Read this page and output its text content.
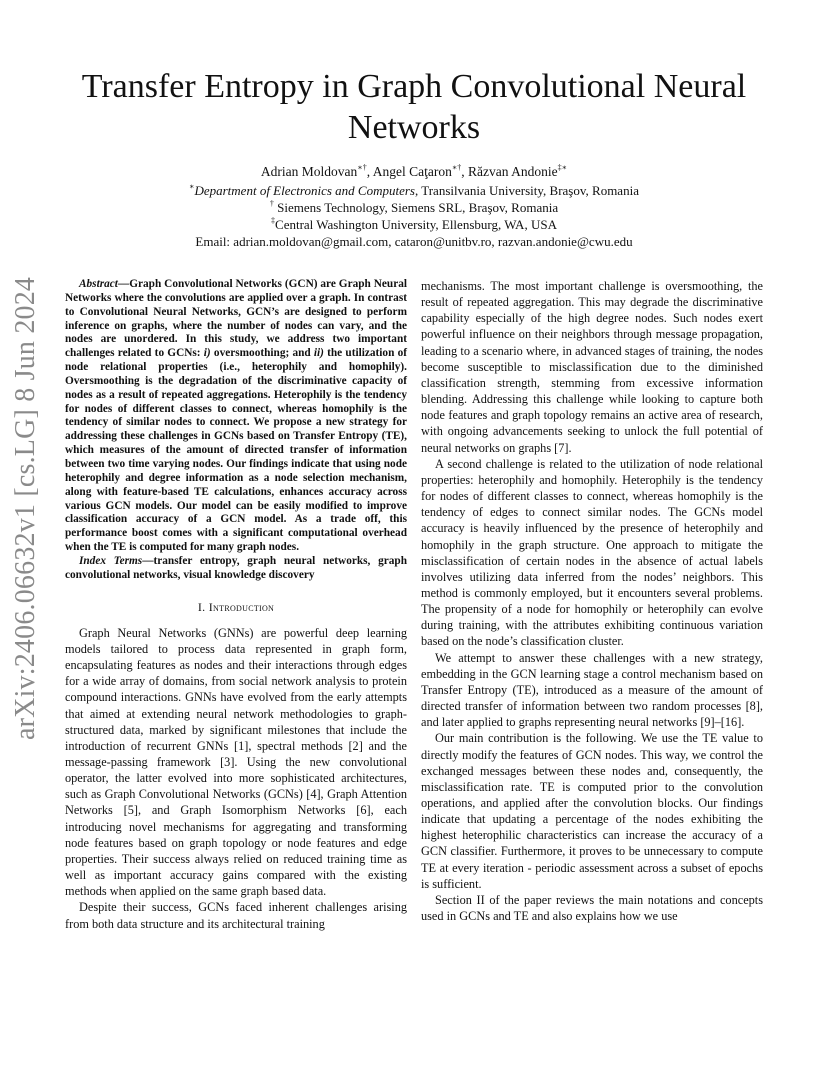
arXiv:2406.06632v1 [cs.LG] 8 Jun 2024
Transfer Entropy in Graph Convolutional Neural Networks
Adrian Moldovan∗†, Angel Caţaron∗†, Răzvan Andonie‡∗
∗Department of Electronics and Computers, Transilvania University, Braşov, Romania
† Siemens Technology, Siemens SRL, Braşov, Romania
‡Central Washington University, Ellensburg, WA, USA
Email: adrian.moldovan@gmail.com, cataron@unitbv.ro, razvan.andonie@cwu.edu

Abstract—Graph Convolutional Networks (GCN) are Graph Neural Networks where the convolutions are applied over a graph. In contrast to Convolutional Neural Networks, GCN’s are designed to perform inference on graphs, where the number of nodes can vary, and the nodes are unordered. In this study, we address two important challenges related to GCNs: i) oversmoothing; and ii) the utilization of node relational properties (i.e., heterophily and homophily). Oversmoothing is the degradation of the discriminative capacity of nodes as a result of repeated aggregations. Heterophily is the tendency for nodes of different classes to connect, whereas homophily is the tendency of similar nodes to connect. We propose a new strategy for addressing these challenges in GCNs based on Transfer Entropy (TE), which measures of the amount of directed transfer of information between two time varying nodes. Our findings indicate that using node heterophily and degree information as a node selection mechanism, along with feature-based TE calculations, enhances accuracy across various GCN models. Our model can be easily modified to improve classification accuracy of a GCN model. As a trade off, this performance boost comes with a significant computational overhead when the TE is computed for many graph nodes.

Index Terms—transfer entropy, graph neural networks, graph convolutional networks, visual knowledge discovery

I. Introduction

Graph Neural Networks (GNNs) are powerful deep learning models tailored to process data represented in graph form, encapsulating features as nodes and their interactions through edges for a wide array of domains, from social network analysis to protein compound interactions. GNNs have evolved from the early attempts that aimed at extending neural network methodologies to graph-structured data, marked by significant milestones that include the introduction of recurrent GNNs [1], spectral methods [2] and the message-passing framework [3]. Using the new convolutional operator, the latter evolved into more sophisticated architectures, such as Graph Convolutional Networks (GCNs) [4], Graph Attention Networks [5], and Graph Isomorphism Networks [6], each introducing novel mechanisms for aggregating and transforming node features based on graph topology or node features and edge properties. Their success always relied on reduced training time as well as important accuracy gains compared with the existing methods when applied on the same graph based data.

Despite their success, GCNs faced inherent challenges arising from both data structure and its architectural training

mechanisms. The most important challenge is oversmoothing, the result of repeated aggregation. This may degrade the discriminative capability especially of the high degree nodes. Such nodes exert powerful influence on their neighbors through message propagation, leading to a scenario where, in advanced stages of training, the nodes become susceptible to misclassification due to the diminished classification strength, stemming from excessive information blending. Addressing this challenge while looking to capture both node features and graph topology remains an active area of research, with ongoing advancements seeking to unlock the full potential of neural networks on graphs [7].

A second challenge is related to the utilization of node relational properties: heterophily and homophily. Heterophily is the tendency for nodes of different classes to connect, whereas homophily is the tendency of edges to connect similar nodes. The GCNs model accuracy is heavily influenced by the presence of heterophily and homophily in the graph structure. One approach to mitigate the misclassification of certain nodes in the absence of actual labels involves utilizing data inferred from the nodes’ neighbors. This method is commonly employed, but it encounters several problems. The propensity of a node for homophily or heterophily can evolve during training, with the attributes exhibiting continuous variation based on the node’s classification cluster.

We attempt to answer these challenges with a new strategy, embedding in the GCN learning stage a control mechanism based on Transfer Entropy (TE), introduced as a measure of the amount of directed transfer of information between two random processes [8], and later applied to graphs representing neural networks [9]–[16].

Our main contribution is the following. We use the TE value to directly modify the features of GCN nodes. This way, we control the exchanged messages between these nodes and, consequently, the misclassification rate. TE is computed prior to the convolution operations, and applied after the convolution blocks. Our findings indicate that updating a percentage of the nodes exhibiting the highest heterophilic characteristics can increase the accuracy of a GCN classifier. Furthermore, it proves to be unnecessary to compute TE at every iteration - periodic assessment across a subset of epochs is sufficient.

Section II of the paper reviews the main notations and concepts used in GCNs and TE and also explains how we use
